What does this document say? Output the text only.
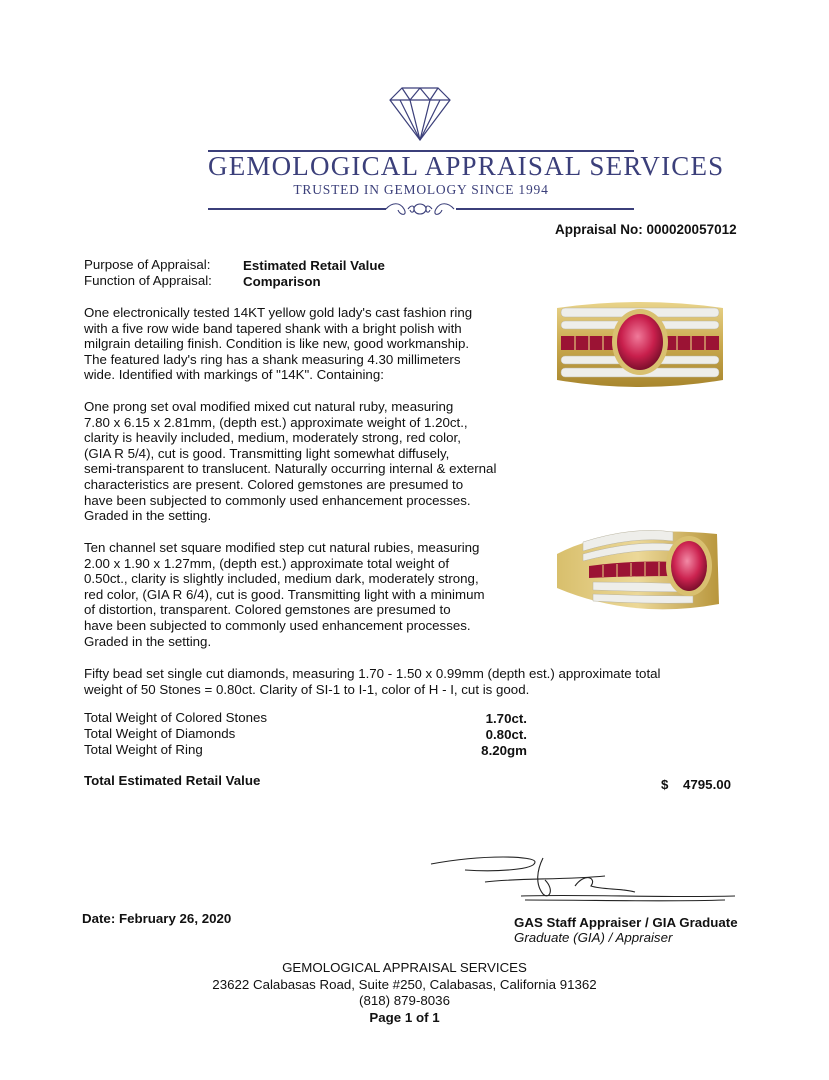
GEMOLOGICAL APPRAISAL SERVICES
TRUSTED IN GEMOLOGY SINCE 1994
Appraisal No: 000020057012
Purpose of Appraisal: Estimated Retail Value
Function of Appraisal: Comparison
One electronically tested 14KT yellow gold lady's cast fashion ring
with a five row wide band tapered shank with a bright polish with
milgrain detailing finish. Condition is like new, good workmanship.
The featured lady's ring has a shank measuring 4.30 millimeters
wide. Identified with markings of "14K". Containing:
One prong set oval modified mixed cut natural ruby, measuring
7.80 x 6.15 x 2.81mm, (depth est.) approximate weight of 1.20ct.,
clarity is heavily included, medium, moderately strong, red color,
(GIA R 5/4), cut is good. Transmitting light somewhat diffusely,
semi-transparent to translucent. Naturally occurring internal & external
characteristics are present. Colored gemstones are presumed to
have been subjected to commonly used enhancement processes.
Graded in the setting.
Ten channel set square modified step cut natural rubies, measuring
2.00 x 1.90 x 1.27mm, (depth est.) approximate total weight of
0.50ct., clarity is slightly included, medium dark, moderately strong,
red color, (GIA R 6/4), cut is good. Transmitting light with a minimum
of distortion, transparent. Colored gemstones are presumed to
have been subjected to commonly used enhancement processes.
Graded in the setting.
Fifty bead set single cut diamonds, measuring 1.70 - 1.50 x 0.99mm (depth est.) approximate total
weight of 50 Stones = 0.80ct. Clarity of SI-1 to I-1, color of H - I, cut is good.
Total Weight of Colored Stones	1.70ct.
Total Weight of Diamonds	0.80ct.
Total Weight of Ring	8.20gm
Total Estimated Retail Value	$ 4795.00
Date: February 26, 2020	GAS Staff Appraiser / GIA Graduate
Graduate (GIA) / Appraiser
GEMOLOGICAL APPRAISAL SERVICES
23622 Calabasas Road, Suite #250, Calabasas, California 91362
(818) 879-8036
Page 1 of 1
